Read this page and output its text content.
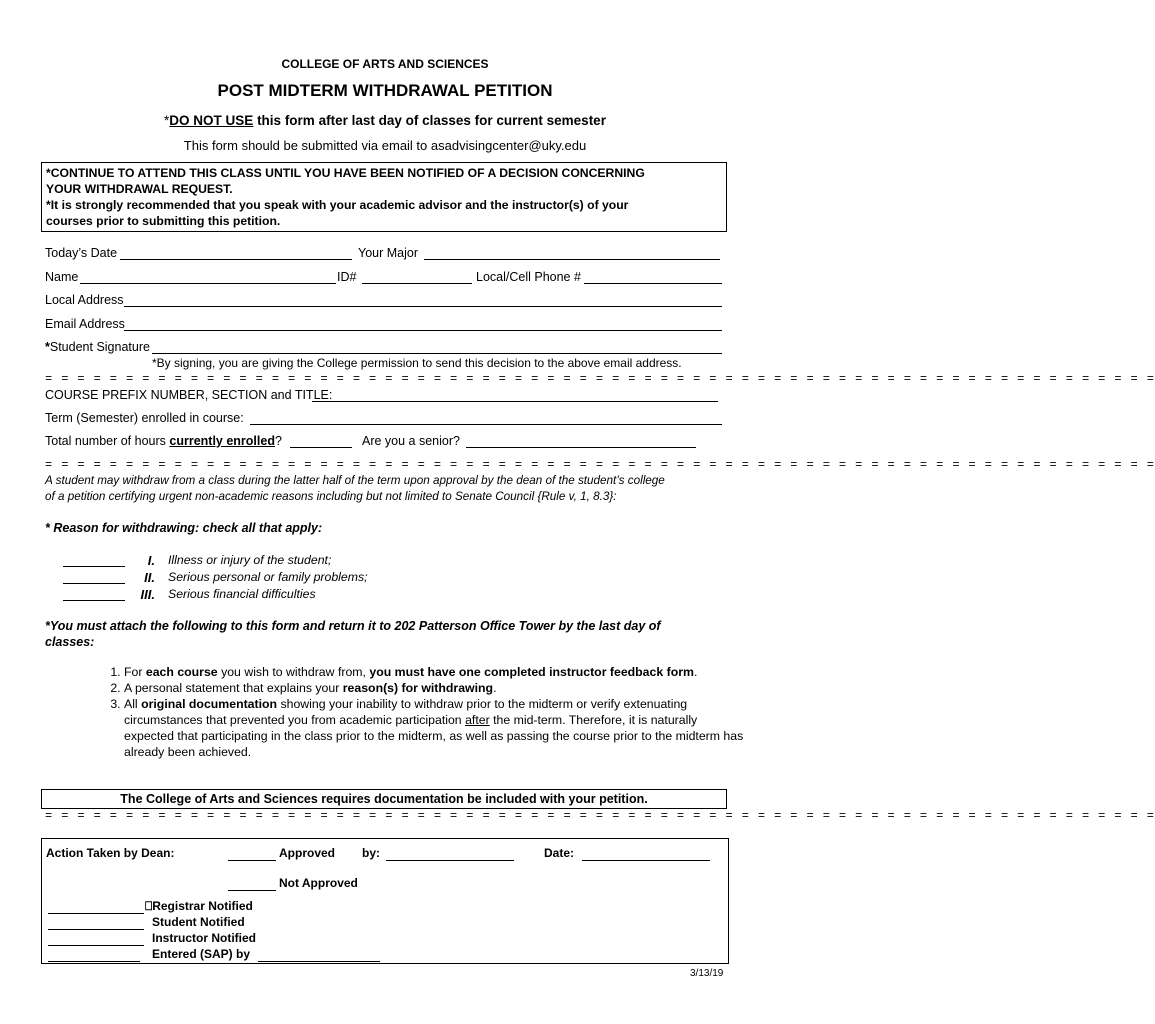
COLLEGE OF ARTS AND SCIENCES
POST MIDTERM WITHDRAWAL PETITION
*DO NOT USE this form after last day of classes for current semester
This form should be submitted via email to asadvisingcenter@uky.edu
*CONTINUE TO ATTEND THIS CLASS UNTIL YOU HAVE BEEN NOTIFIED OF A DECISION CONCERNING
YOUR WITHDRAWAL REQUEST.
*It is strongly recommended that you speak with your academic advisor and the instructor(s) of your
courses prior to submitting this petition.
Today’s Date	Your Major
Name	ID#	Local/Cell Phone #
Local Address
Email Address
*Student Signature
*By signing, you are giving the College permission to send this decision to the above email address.
= = = = = = = = = = = = = = = = = = = = = = = = = = = = = = = = = = = = = = = = = = = = = = = = = = = = = = = = = = = = = = = = = = = = =
COURSE PREFIX NUMBER, SECTION and TITLE:
Term (Semester) enrolled in course:
Total number of hours currently enrolled?	Are you a senior?
= = = = = = = = = = = = = = = = = = = = = = = = = = = = = = = = = = = = = = = = = = = = = = = = = = = = = = = = = = = = = = = = = = = = =
A student may withdraw from a class during the latter half of the term upon approval by the dean of the student’s college
of a petition certifying urgent non-academic reasons including but not limited to Senate Council {Rule v, 1, 8.3}:
* Reason for withdrawing: check all that apply:
I. Illness or injury of the student;
II. Serious personal or family problems;
III. Serious financial difficulties
*You must attach the following to this form and return it to 202 Patterson Office Tower by the last day of
classes:
1. For each course you wish to withdraw from, you must have one completed instructor feedback form.
2. A personal statement that explains your reason(s) for withdrawing.
3. All original documentation showing your inability to withdraw prior to the midterm or verify extenuating circumstances that prevented you from academic participation after the mid-term. Therefore, it is naturally expected that participating in the class prior to the midterm, as well as passing the course prior to the midterm has already been achieved.
The College of Arts and Sciences requires documentation be included with your petition.
= = = = = = = = = = = = = = = = = = = = = = = = = = = = = = = = = = = = = = = = = = = = = = = = = = = = = = = = = = = = = = = = = = = = =
Action Taken by Dean:	Approved by:	Date:
Not Approved
⎕Registrar Notified
Student Notified
Instructor Notified
Entered (SAP) by
3/13/19
